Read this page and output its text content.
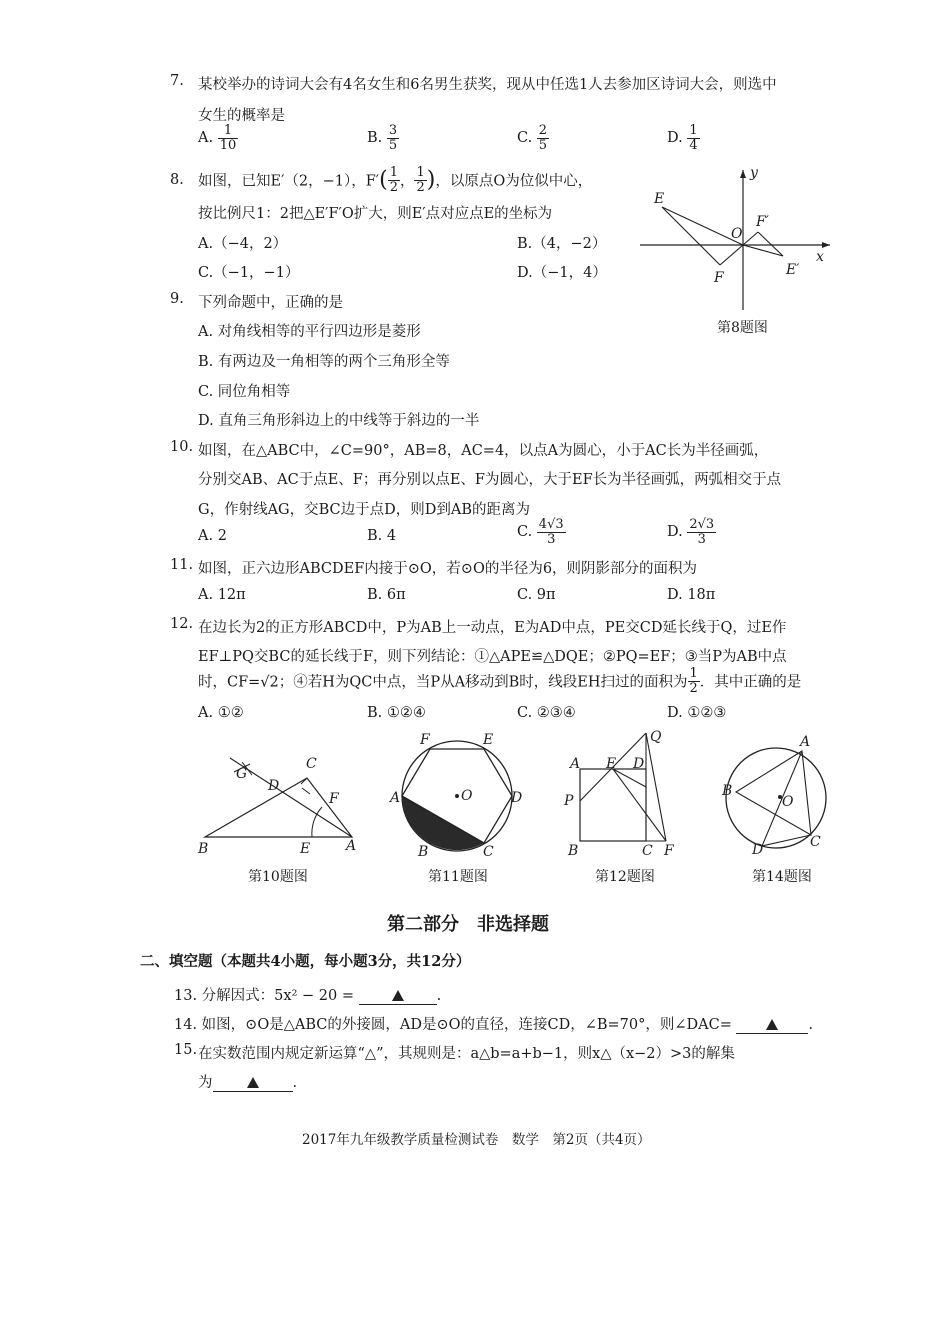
7. 某校举办的诗词大会有4名女生和6名男生获奖，现从中任选1人去参加区诗词大会，则选中
女生的概率是
A. $\frac{1}{10}$	B. $\frac{3}{5}$	C. $\frac{2}{5}$	D. $\frac{1}{4}$
8. 如图，已知E′（2，−1），$F'( \frac{1}{2}$ ， $\frac{1}{2}$ )，以原点O为位似中心，
按比例尺1：2把△E′F′O扩大，则E′点对应点E的坐标为
A.（−4，2）	B.（4，−2）
C.（−1，−1）	D.（−1，4）
E
F
O
F′
E′
x
y
第8题图
9. 下列命题中，正确的是
A. 对角线相等的平行四边形是菱形
B. 有两边及一角相等的两个三角形全等
C. 同位角相等
D. 直角三角形斜边上的中线等于斜边的一半
10. 如图，在△ABC中，∠C=90°，AB=8，AC=4，以点A为圆心，小于AC长为半径画弧，
分别交AB、AC于点E、F；再分别以点E、F为圆心，大于EF长为半径画弧，两弧相交于点
G，作射线AG，交BC边于点D，则D到AB的距离为
A. 2	B. 4	C. $\frac{4√3}{3}$	D. $\frac{2√3}{3}$
11. 如图，正六边形ABCDEF内接于⊙O，若⊙O的半径为6，则阴影部分的面积为
A. 12π	B. 6π	C. 9π	D. 18π
12. 在边长为2的正方形ABCD中，P为AB上一动点，E为AD中点，PE交CD延长线于Q，过E作
EF⊥PQ交BC的延长线于F，则下列结论：①△APE≌△DQE；②PQ=EF；③当P为AB中点
时，CF=√2；④若H为QC中点，当P从A移动到B时，线段EH扫过的面积为 $\frac{1}{2}$ ．其中正确的是
A. ①②	B. ①②④	C. ②③④	D. ①②③
G
C
D
F
B	E	A
第10题图
F	E
A	O	D
B	C
第11题图
Q
A E D
P
B	C F
第12题图
A
B
O
D	C
第14题图
第二部分　非选择题
二、填空题（本题共4小题，每小题3分，共12分）
13. 分解因式：5x² − 20 =	.
14. 如图，⊙O是△ABC的外接圆，AD是⊙O的直径，连接CD，∠B=70°，则∠DAC=	.
15. 在实数范围内规定新运算“△”，其规则是：a△b=a+b−1，则x△（x−2）>3的解集
为	.
2017年九年级教学质量检测试卷　数学　第2页（共4页）
